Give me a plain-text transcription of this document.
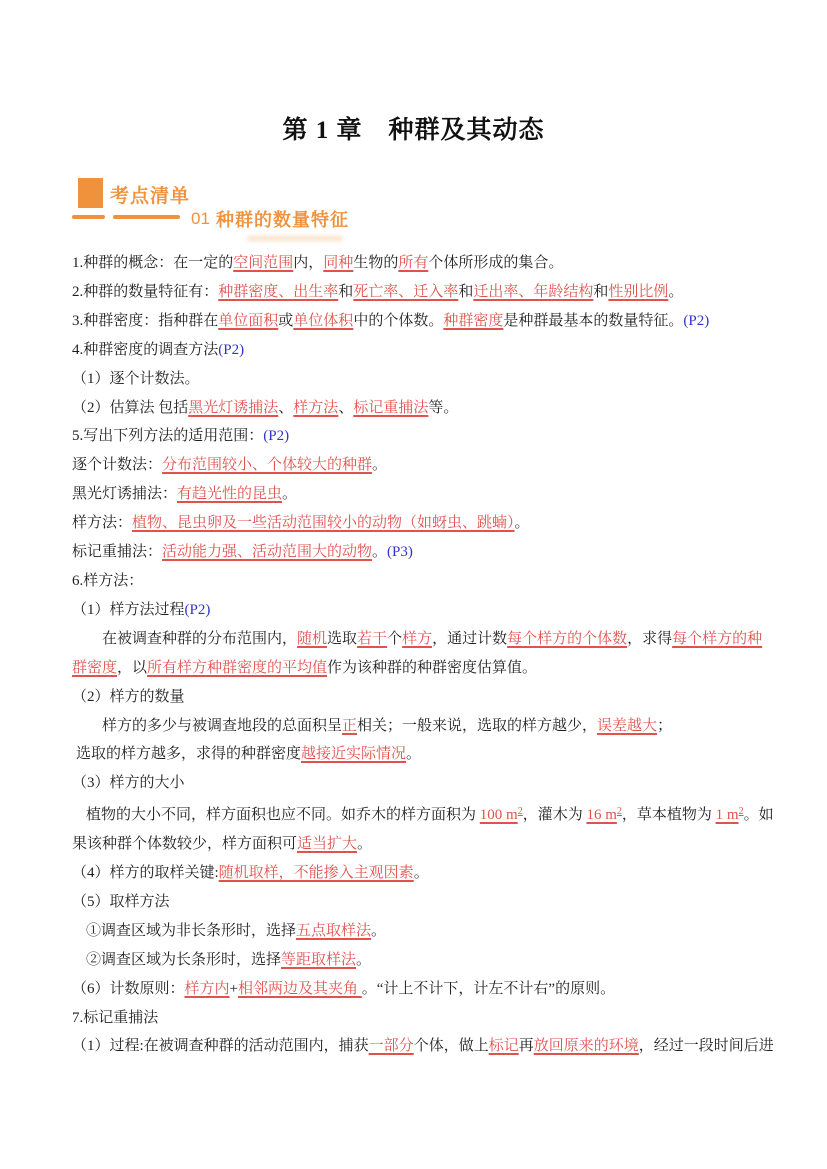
第 1 章　种群及其动态
考点清单
01 种群的数量特征
1.种群的概念：在一定的空间范围内，同种生物的所有个体所形成的集合。
2.种群的数量特征有：种群密度、出生率和死亡率、迁入率和迁出率、年龄结构和性别比例。
3.种群密度：指种群在单位面积或单位体积中的个体数。种群密度是种群最基本的数量特征。(P2)
4.种群密度的调查方法(P2)
（1）逐个计数法。
（2）估算法 包括黑光灯诱捕法、样方法、标记重捕法等。
5.写出下列方法的适用范围：(P2)
逐个计数法：分布范围较小、个体较大的种群。
黑光灯诱捕法：有趋光性的昆虫。
样方法：植物、昆虫卵及一些活动范围较小的动物（如蚜虫、跳蝻）。
标记重捕法：活动能力强、活动范围大的动物。(P3)
6.样方法：
（1）样方法过程(P2)
在被调查种群的分布范围内，随机选取若干个样方，通过计数每个样方的个体数，求得每个样方的种
群密度，以所有样方种群密度的平均值作为该种群的种群密度估算值。
（2）样方的数量
样方的多少与被调查地段的总面积呈正相关；一般来说，选取的样方越少，误差越大；
选取的样方越多，求得的种群密度越接近实际情况。
（3）样方的大小
植物的大小不同，样方面积也应不同。如乔木的样方面积为 100 $m^2$，灌木为 16 $m^2$，草本植物为 1 $m^2$。如
果该种群个体数较少，样方面积可适当扩大。
（4）样方的取样关键:随机取样，不能掺入主观因素。
（5）取样方法
①调查区域为非长条形时，选择五点取样法。
②调查区域为长条形时，选择等距取样法。
（6）计数原则：样方内+相邻两边及其夹角 。“计上不计下，计左不计右”的原则。
7.标记重捕法
（1）过程:在被调查种群的活动范围内，捕获一部分个体，做上标记再放回原来的环境，经过一段时间后进
